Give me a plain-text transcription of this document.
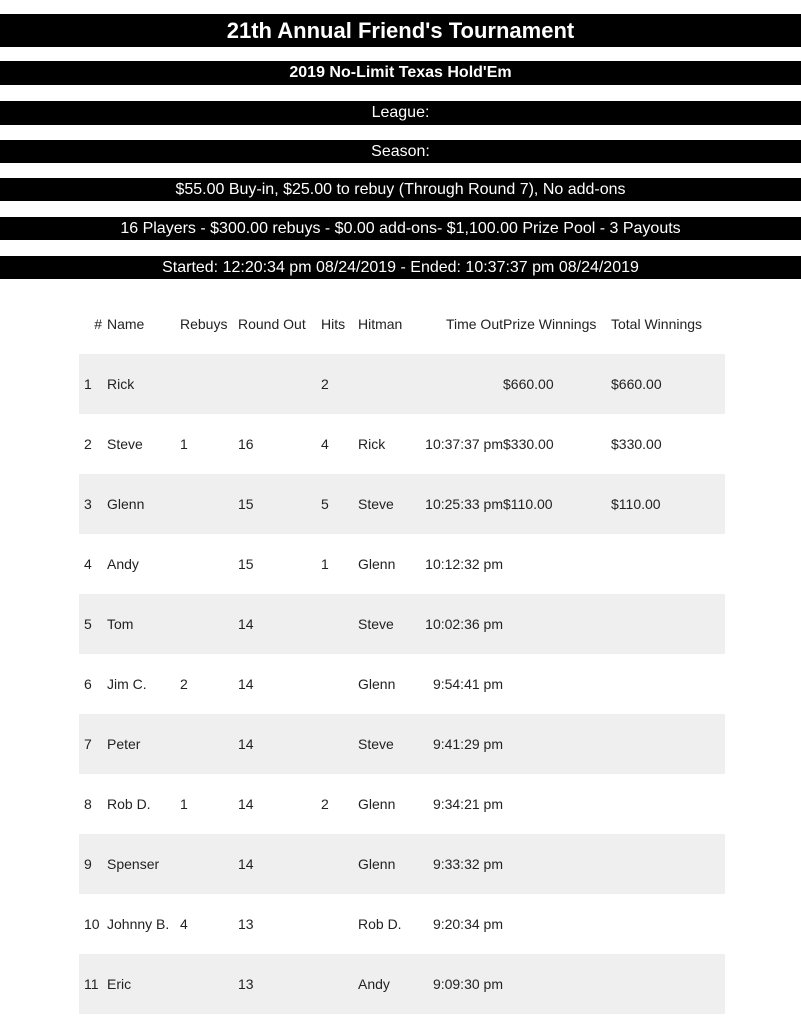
21th Annual Friend's Tournament
2019 No-Limit Texas Hold'Em
League:
Season:
$55.00 Buy-in, $25.00 to rebuy (Through Round 7), No add-ons
16 Players - $300.00 rebuys - $0.00 add-ons- $1,100.00 Prize Pool - 3 Payouts
Started: 12:20:34 pm 08/24/2019 - Ended: 10:37:37 pm 08/24/2019
#	Name	Rebuys	Round Out	Hits	Hitman	Time Out	Prize Winnings	Total Winnings
1	Rick			2			$660.00	$660.00
2	Steve	1	16	4	Rick	10:37:37 pm	$330.00	$330.00
3	Glenn		15	5	Steve	10:25:33 pm	$110.00	$110.00
4	Andy		15	1	Glenn	10:12:32 pm		
5	Tom		14		Steve	10:02:36 pm		
6	Jim C.	2	14		Glenn	9:54:41 pm		
7	Peter		14		Steve	9:41:29 pm		
8	Rob D.	1	14	2	Glenn	9:34:21 pm		
9	Spenser		14		Glenn	9:33:32 pm		
10	Johnny B.	4	13		Rob D.	9:20:34 pm		
11	Eric		13		Andy	9:09:30 pm		
